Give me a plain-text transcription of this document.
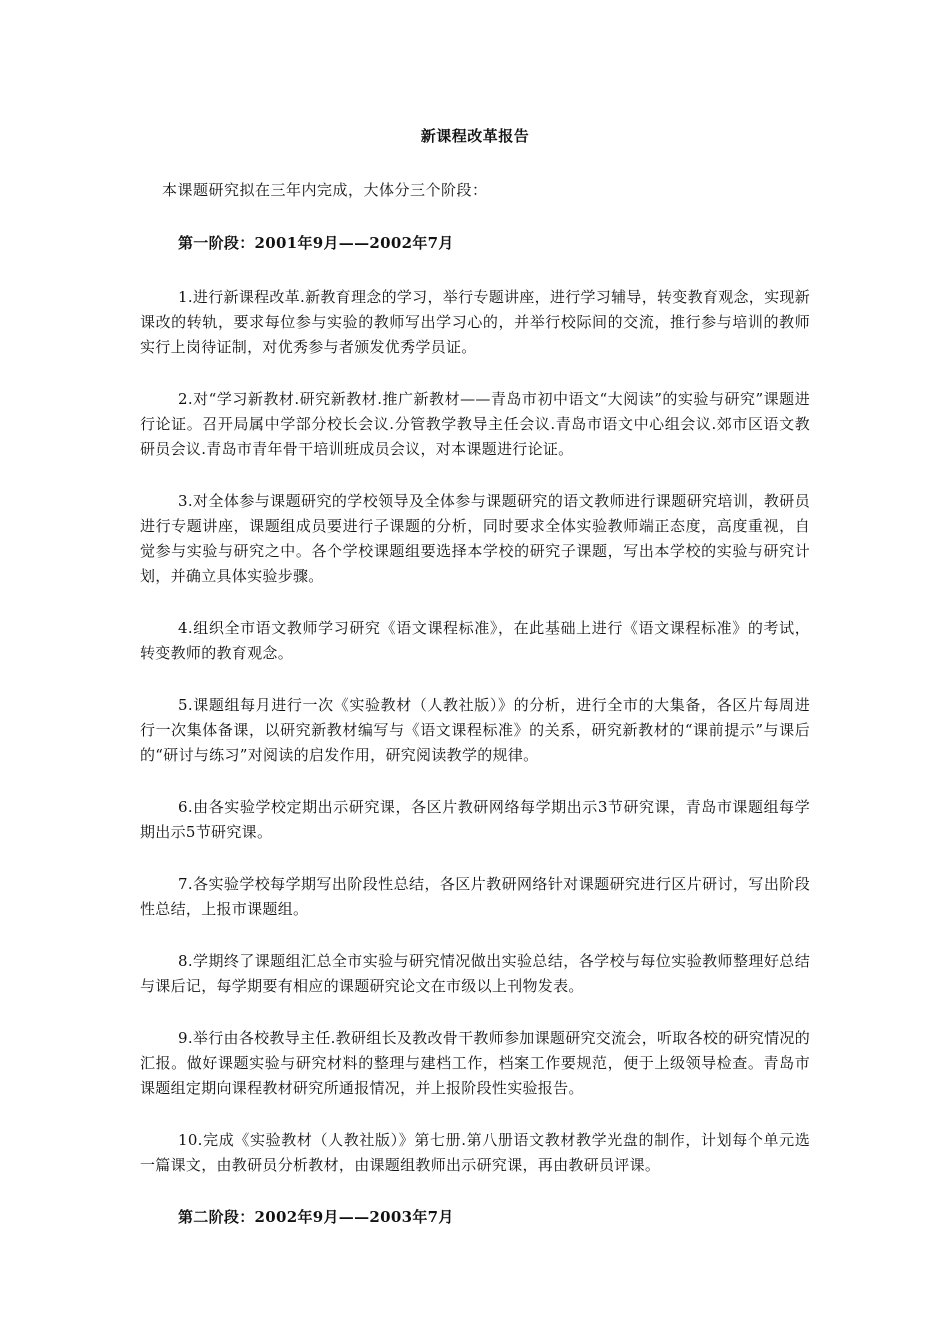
新课程改革报告

本课题研究拟在三年内完成，大体分三个阶段：

第一阶段：2001年9月——2002年7月

1.进行新课程改革.新教育理念的学习，举行专题讲座，进行学习辅导，转变教育观念，实现新课改的转轨，要求每位参与实验的教师写出学习心的，并举行校际间的交流，推行参与培训的教师实行上岗待证制，对优秀参与者颁发优秀学员证。

2.对“学习新教材.研究新教材.推广新教材——青岛市初中语文“大阅读”的实验与研究”课题进行论证。召开局属中学部分校长会议.分管教学教导主任会议.青岛市语文中心组会议.郊市区语文教研员会议.青岛市青年骨干培训班成员会议，对本课题进行论证。

3.对全体参与课题研究的学校领导及全体参与课题研究的语文教师进行课题研究培训，教研员进行专题讲座，课题组成员要进行子课题的分析，同时要求全体实验教师端正态度，高度重视，自觉参与实验与研究之中。各个学校课题组要选择本学校的研究子课题，写出本学校的实验与研究计划，并确立具体实验步骤。

4.组织全市语文教师学习研究《语文课程标准》，在此基础上进行《语文课程标准》的考试，转变教师的教育观念。

5.课题组每月进行一次《实验教材（人教社版）》的分析，进行全市的大集备，各区片每周进行一次集体备课，以研究新教材编写与《语文课程标准》的关系，研究新教材的“课前提示”与课后的“研讨与练习”对阅读的启发作用，研究阅读教学的规律。

6.由各实验学校定期出示研究课，各区片教研网络每学期出示3节研究课，青岛市课题组每学期出示5节研究课。

7.各实验学校每学期写出阶段性总结，各区片教研网络针对课题研究进行区片研讨，写出阶段性总结，上报市课题组。

8.学期终了课题组汇总全市实验与研究情况做出实验总结，各学校与每位实验教师整理好总结与课后记，每学期要有相应的课题研究论文在市级以上刊物发表。

9.举行由各校教导主任.教研组长及教改骨干教师参加课题研究交流会，听取各校的研究情况的汇报。做好课题实验与研究材料的整理与建档工作，档案工作要规范，便于上级领导检查。青岛市课题组定期向课程教材研究所通报情况，并上报阶段性实验报告。

10.完成《实验教材（人教社版）》第七册.第八册语文教材教学光盘的制作，计划每个单元选一篇课文，由教研员分析教材，由课题组教师出示研究课，再由教研员评课。

第二阶段：2002年9月——2003年7月
